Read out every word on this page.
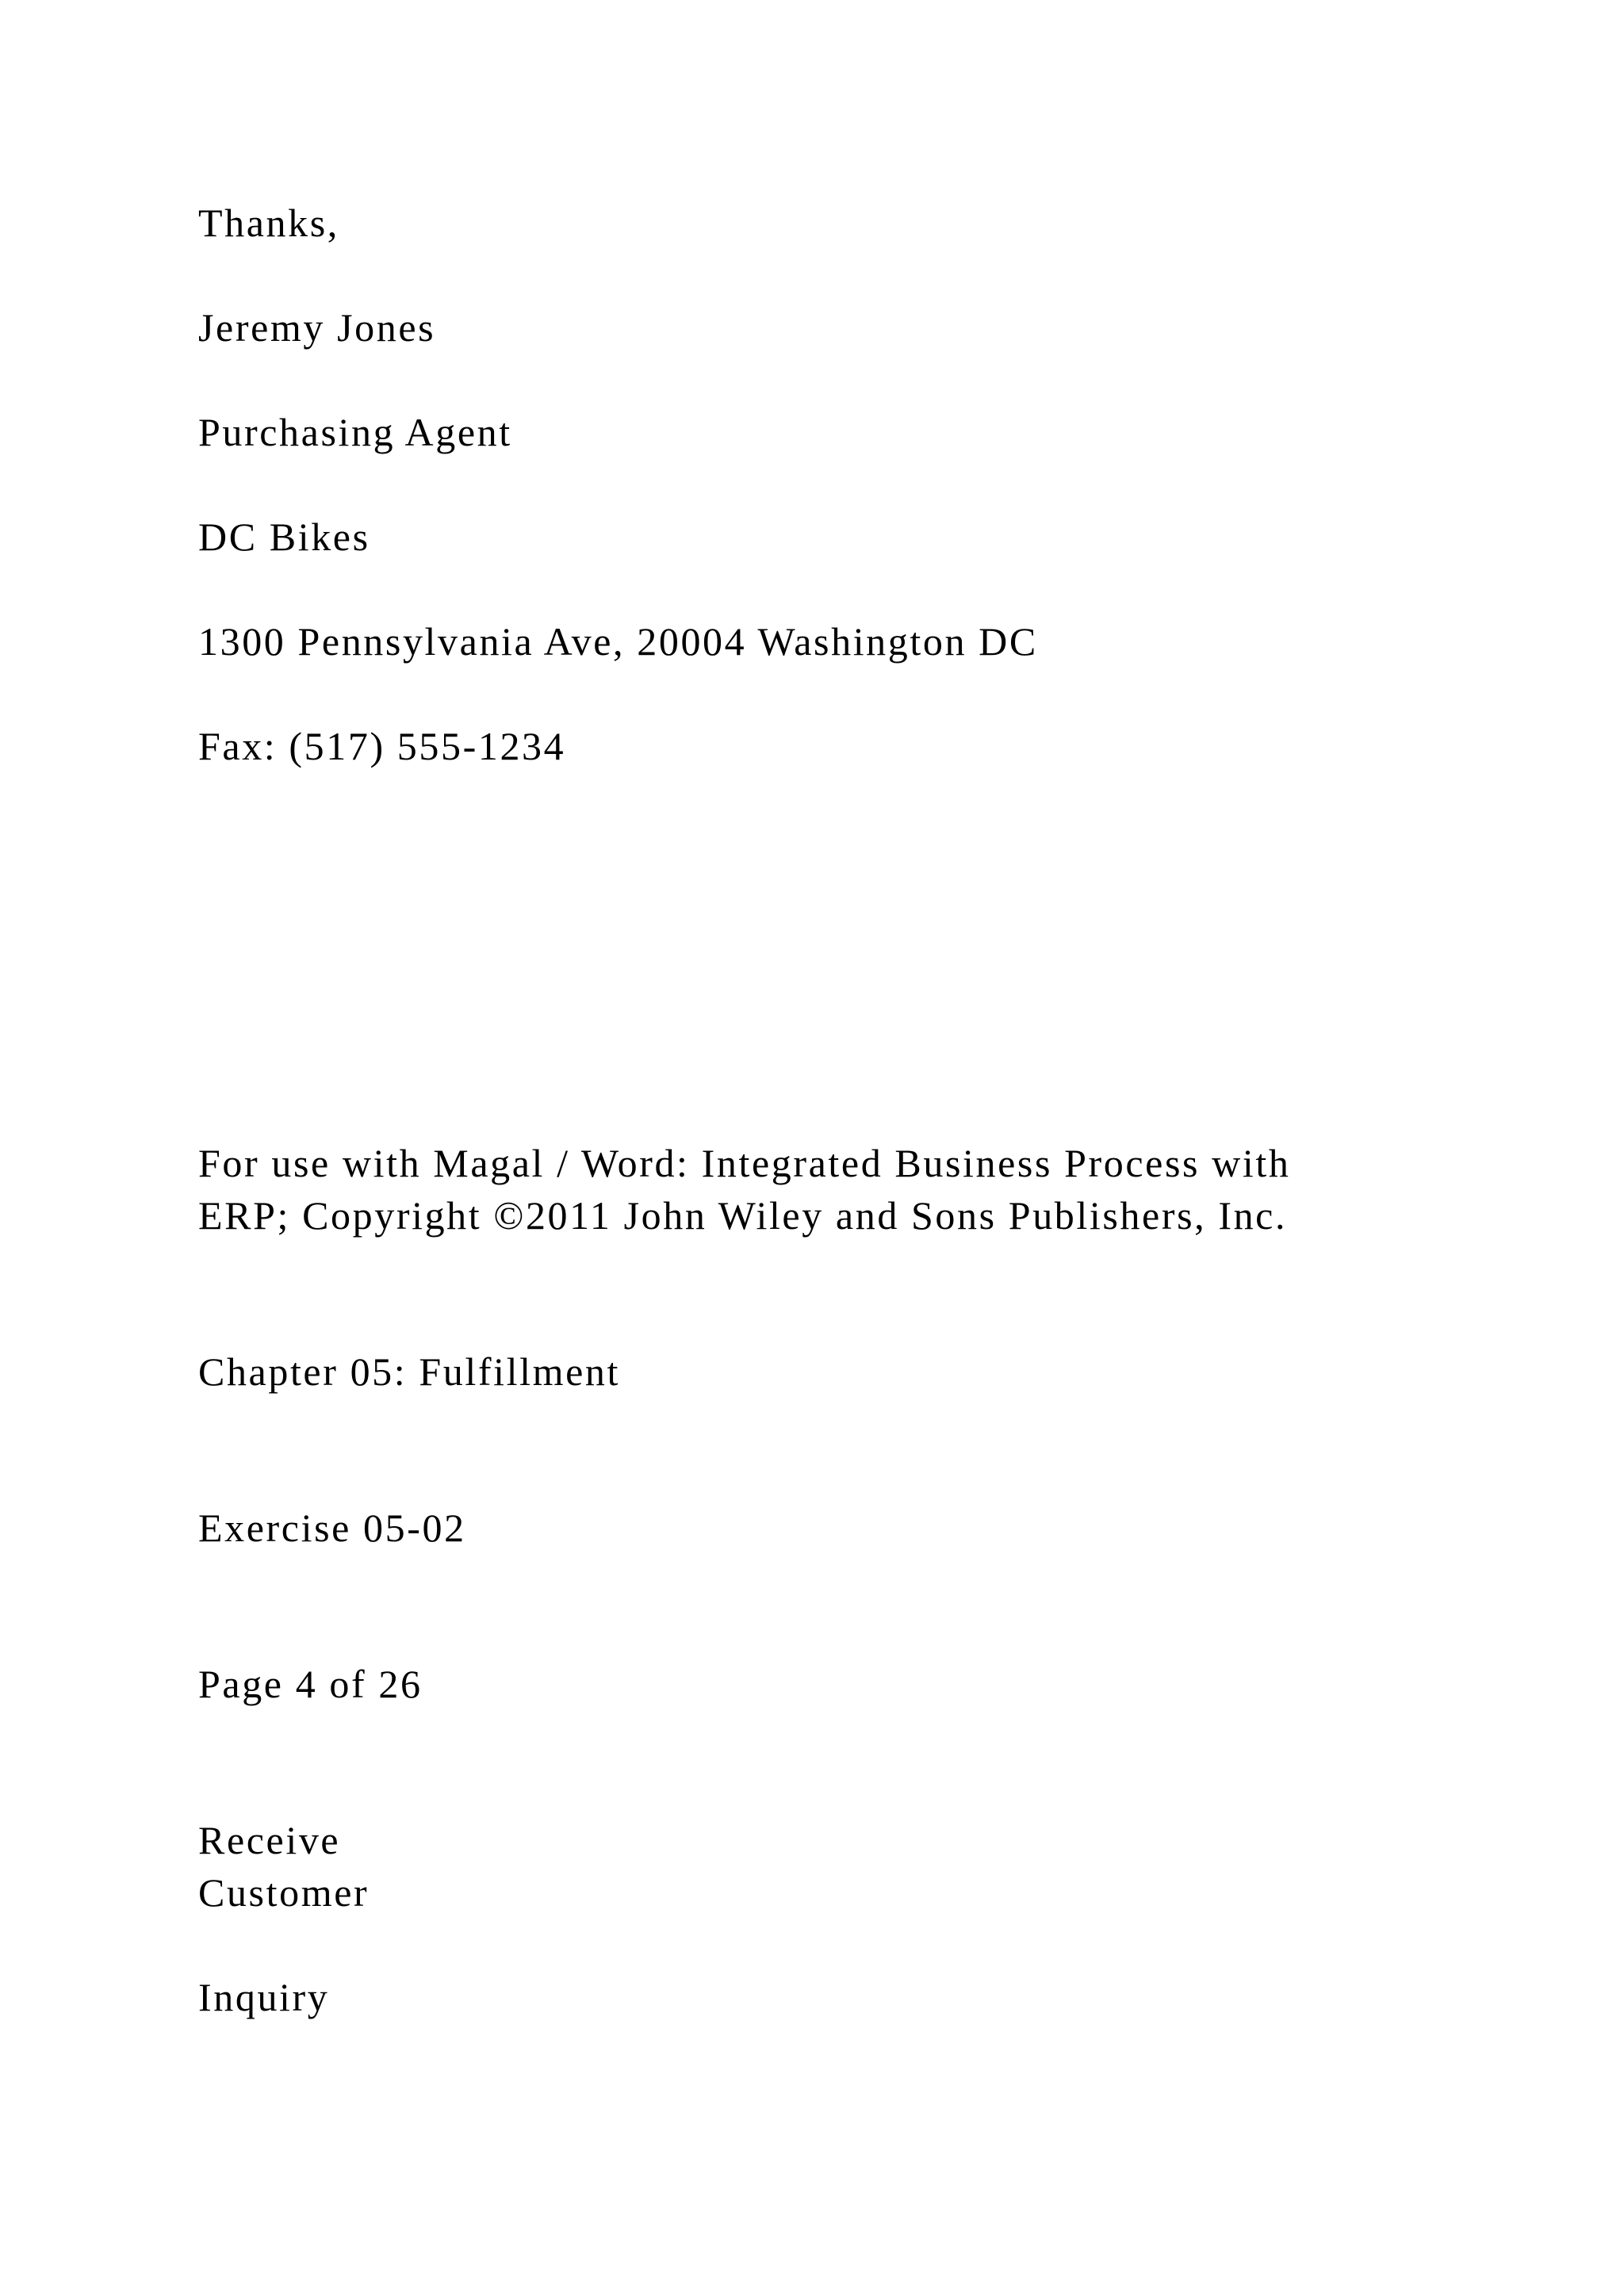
Thanks,
Jeremy Jones
Purchasing Agent
DC Bikes
1300 Pennsylvania Ave, 20004 Washington DC
Fax: (517) 555-1234
For use with Magal / Word: Integrated Business Process with
ERP; Copyright ©2011 John Wiley and Sons Publishers, Inc.
Chapter 05: Fulfillment
Exercise 05-02
Page 4 of 26
Receive
Customer
Inquiry
